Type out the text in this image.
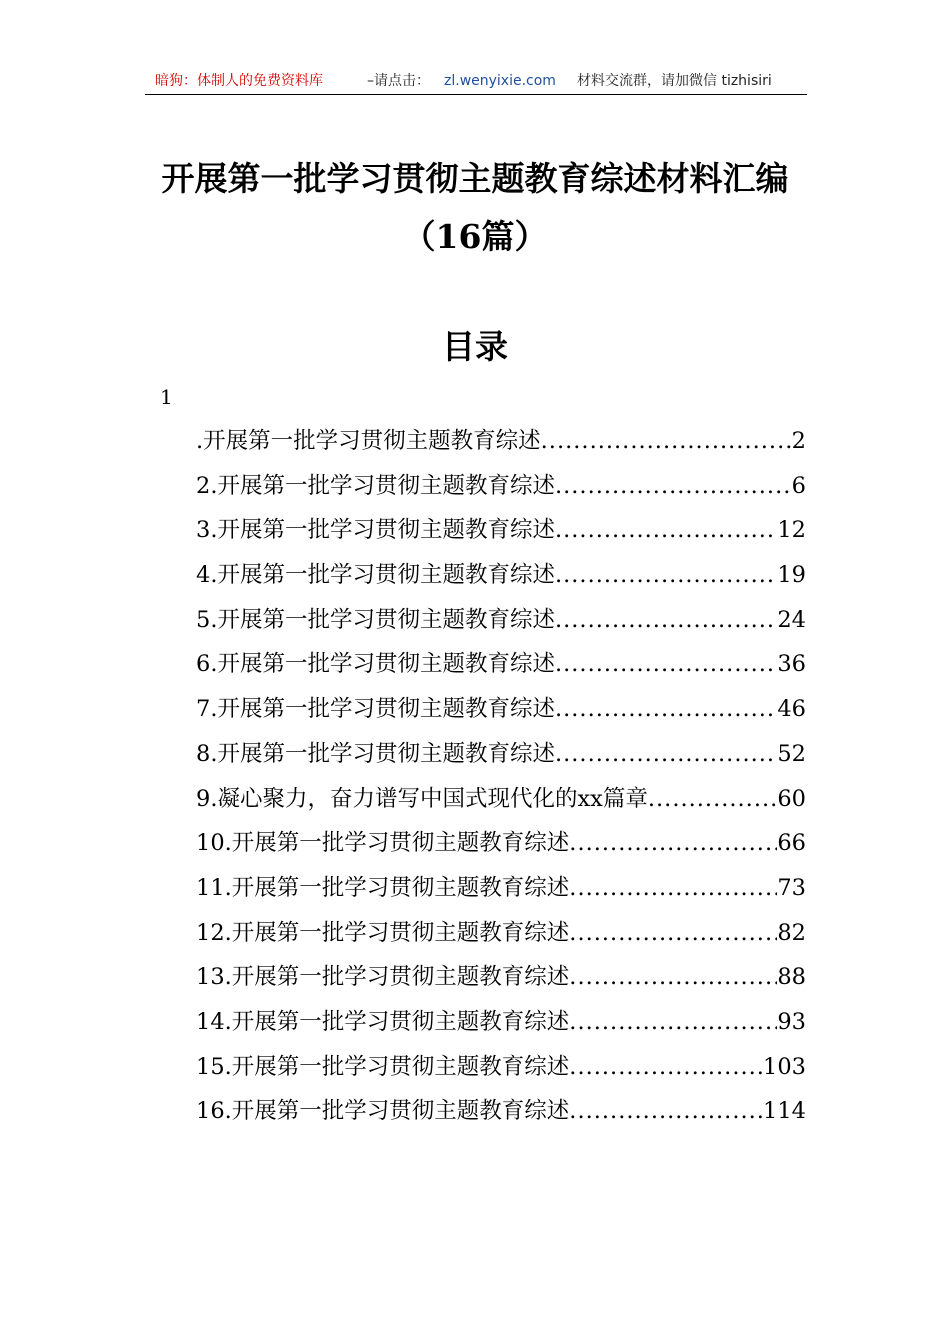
暗狗：体制人的免费资料库	–请点击： zl.wenyixie.com 材料交流群，请加微信 tizhisiri
开展第一批学习贯彻主题教育综述材料汇编（16篇）
目录
1
.开展第一批学习贯彻主题教育综述 .....	2
2.开展第一批学习贯彻主题教育综述 .....	6
3.开展第一批学习贯彻主题教育综述 .....	12
4.开展第一批学习贯彻主题教育综述 .....	19
5.开展第一批学习贯彻主题教育综述 .....	24
6.开展第一批学习贯彻主题教育综述 .....	36
7.开展第一批学习贯彻主题教育综述 .....	46
8.开展第一批学习贯彻主题教育综述 .....	52
9.凝心聚力，奋力谱写中国式现代化的xx篇章 .....	60
10.开展第一批学习贯彻主题教育综述 .....	66
11.开展第一批学习贯彻主题教育综述 .....	73
12.开展第一批学习贯彻主题教育综述 .....	82
13.开展第一批学习贯彻主题教育综述 .....	88
14.开展第一批学习贯彻主题教育综述 .....	93
15.开展第一批学习贯彻主题教育综述 .....	103
16.开展第一批学习贯彻主题教育综述 .....	114
